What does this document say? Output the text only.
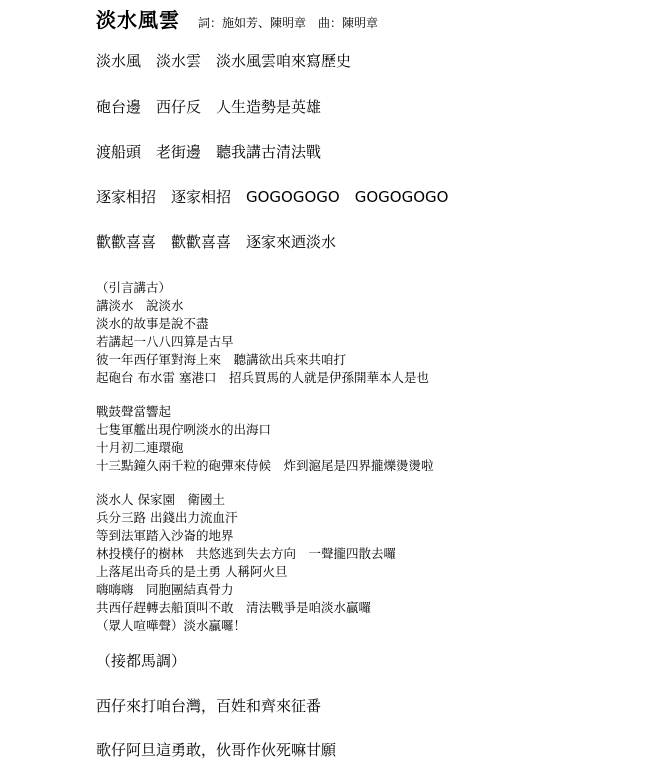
淡水風雲 詞：施如芳、陳明章　曲：陳明章
淡水風　淡水雲　淡水風雲咱來寫歷史
砲台邊　西仔反　人生造勢是英雄
渡船頭　老街邊　聽我講古清法戰
逐家相招　逐家相招　GOGOGOGO　GOGOGOGO
歡歡喜喜　歡歡喜喜　逐家來迺淡水
（引言講古）
講淡水　說淡水
淡水的故事是說不盡
若講起一八八四算是古早
彼一年西仔軍對海上來　聽講欲出兵來共咱打
起砲台 布水雷 塞港口　招兵買馬的人就是伊孫開華本人是也
戰鼓聲當響起
七隻軍艦出現佇咧淡水的出海口
十月初二連環砲
十三點鐘久兩千粒的砲彈來侍候　炸到滬尾是四界攏爍燙燙啦
淡水人 保家園　衛國土
兵分三路 出錢出力流血汗
等到法軍踏入沙崙的地界
林投樸仔的樹林　共悠逃到失去方向　一聲攏四散去囉
上落尾出奇兵的是土勇 人稱阿火旦
嗨嗨嗨　同胞團結真骨力
共西仔趕轉去船頂叫不敢　清法戰爭是咱淡水贏囉
（眾人喧嘩聲）淡水贏囉！
（接都馬調）
西仔來打咱台灣，百姓和齊來征番
歌仔阿旦這勇敢，伙哥作伙死嘛甘願
